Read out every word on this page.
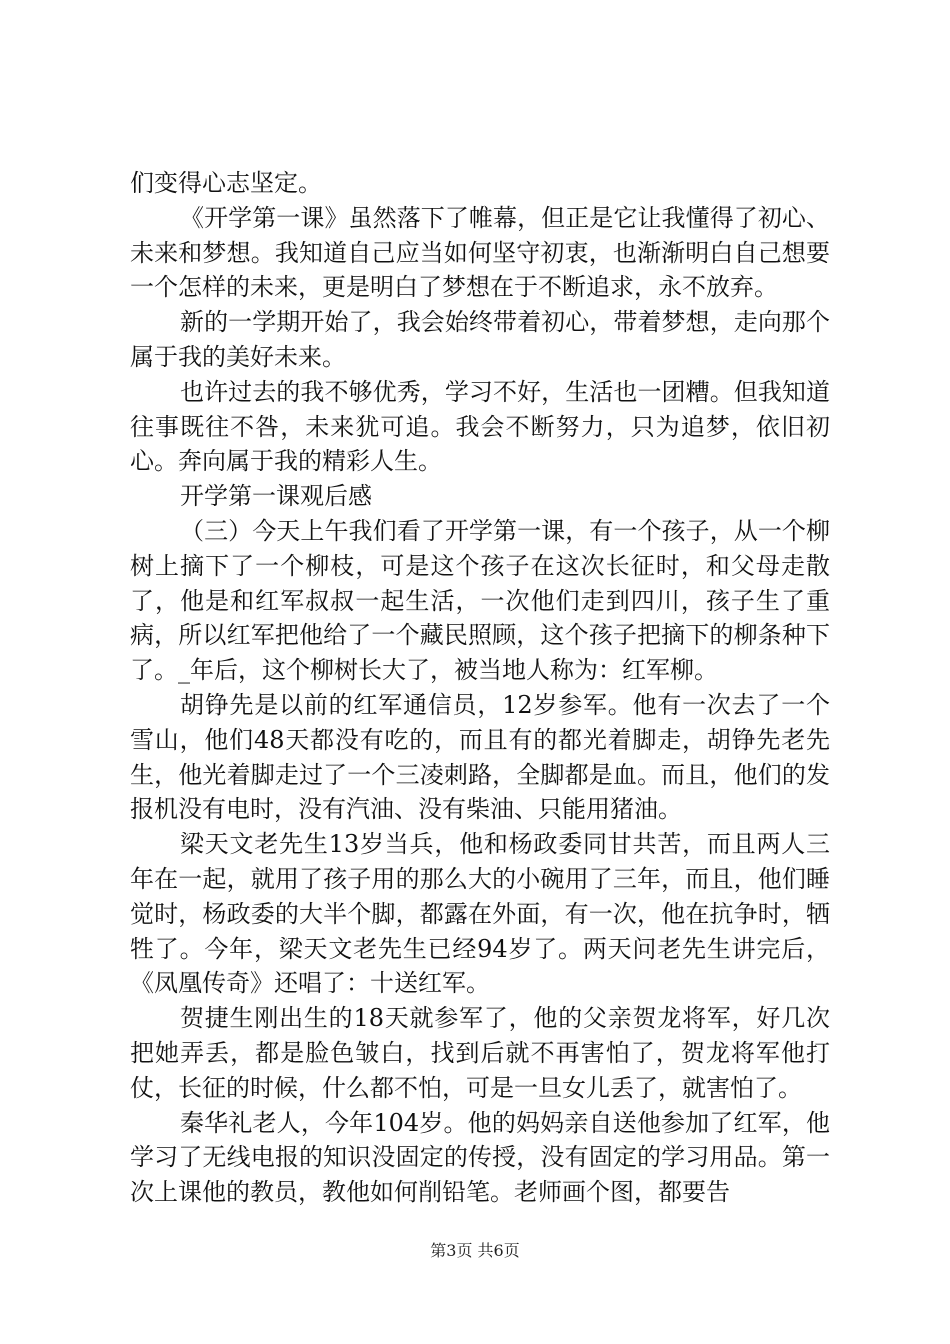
们变得心志坚定。

《开学第一课》虽然落下了帷幕，但正是它让我懂得了初心、未来和梦想。我知道自己应当如何坚守初衷，也渐渐明白自己想要一个怎样的未来，更是明白了梦想在于不断追求，永不放弃。

新的一学期开始了，我会始终带着初心，带着梦想，走向那个属于我的美好未来。

也许过去的我不够优秀，学习不好，生活也一团糟。但我知道往事既往不咎，未来犹可追。我会不断努力，只为追梦，依旧初心。奔向属于我的精彩人生。

开学第一课观后感

（三）今天上午我们看了开学第一课，有一个孩子，从一个柳树上摘下了一个柳枝，可是这个孩子在这次长征时，和父母走散了，他是和红军叔叔一起生活，一次他们走到四川，孩子生了重病，所以红军把他给了一个藏民照顾，这个孩子把摘下的柳条种下了。_年后，这个柳树长大了，被当地人称为：红军柳。

胡铮先是以前的红军通信员，12岁参军。他有一次去了一个雪山，他们48天都没有吃的，而且有的都光着脚走，胡铮先老先生，他光着脚走过了一个三凌刺路，全脚都是血。而且，他们的发报机没有电时，没有汽油、没有柴油、只能用猪油。

梁天文老先生13岁当兵，他和杨政委同甘共苦，而且两人三年在一起，就用了孩子用的那么大的小碗用了三年，而且，他们睡觉时，杨政委的大半个脚，都露在外面，有一次，他在抗争时，牺牲了。今年，梁天文老先生已经94岁了。两天问老先生讲完后，《凤凰传奇》还唱了：十送红军。

贺捷生刚出生的18天就参军了，他的父亲贺龙将军，好几次把她弄丢，都是脸色皱白，找到后就不再害怕了，贺龙将军他打仗，长征的时候，什么都不怕，可是一旦女儿丢了，就害怕了。

秦华礼老人，今年104岁。他的妈妈亲自送他参加了红军，他学习了无线电报的知识没固定的传授，没有固定的学习用品。第一次上课他的教员，教他如何削铅笔。老师画个图，都要告

第3页 共6页
